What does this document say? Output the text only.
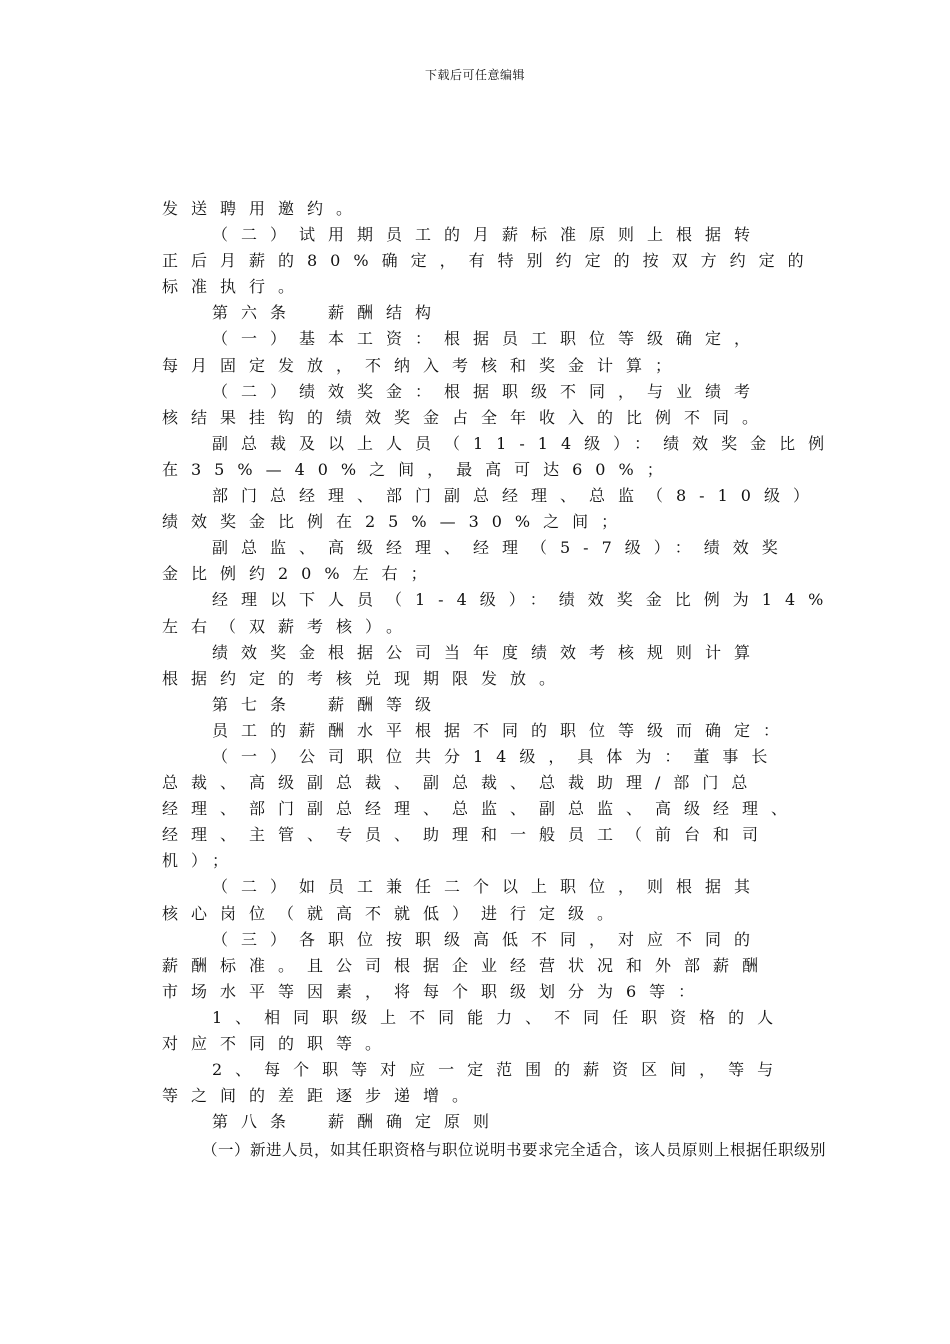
下载后可任意编辑
发送聘用邀约。
（二）试用期员工的月薪标准原则上根据转
正后月薪的80%确定，有特别约定的按双方约定的
标准执行。
第六条　薪酬结构
（一）基本工资：根据员工职位等级确定，
每月固定发放，不纳入考核和奖金计算；
（二）绩效奖金：根据职级不同，与业绩考
核结果挂钩的绩效奖金占全年收入的比例不同。
副总裁及以上人员（11-14级）：绩效奖金比例
在35%—40%之间，最高可达60%；
部门总经理、部门副总经理、总监（8-10级）
绩效奖金比例在25%—30%之间；
副总监、高级经理、经理（5-7级）：绩效奖
金比例约20%左右；
经理以下人员（1-4级）：绩效奖金比例为14%
左右（双薪考核）。
绩效奖金根据公司当年度绩效考核规则计算
根据约定的考核兑现期限发放。
第七条　薪酬等级
员工的薪酬水平根据不同的职位等级而确定：
（一）公司职位共分14级，具体为：董事长
总裁、高级副总裁、副总裁、总裁助理/部门总
经理、部门副总经理、总监、副总监、高级经理、
经理、主管、专员、助理和一般员工（前台和司
机）；
（二）如员工兼任二个以上职位，则根据其
核心岗位（就高不就低）进行定级。
（三）各职位按职级高低不同，对应不同的
薪酬标准。且公司根据企业经营状况和外部薪酬
市场水平等因素，将每个职级划分为6等：
1、相同职级上不同能力、不同任职资格的人
对应不同的职等。
2、每个职等对应一定范围的薪资区间，等与
等之间的差距逐步递增。
第八条　薪酬确定原则
（一）新进人员，如其任职资格与职位说明书要求完全适合，该人员原则上根据任职级别
